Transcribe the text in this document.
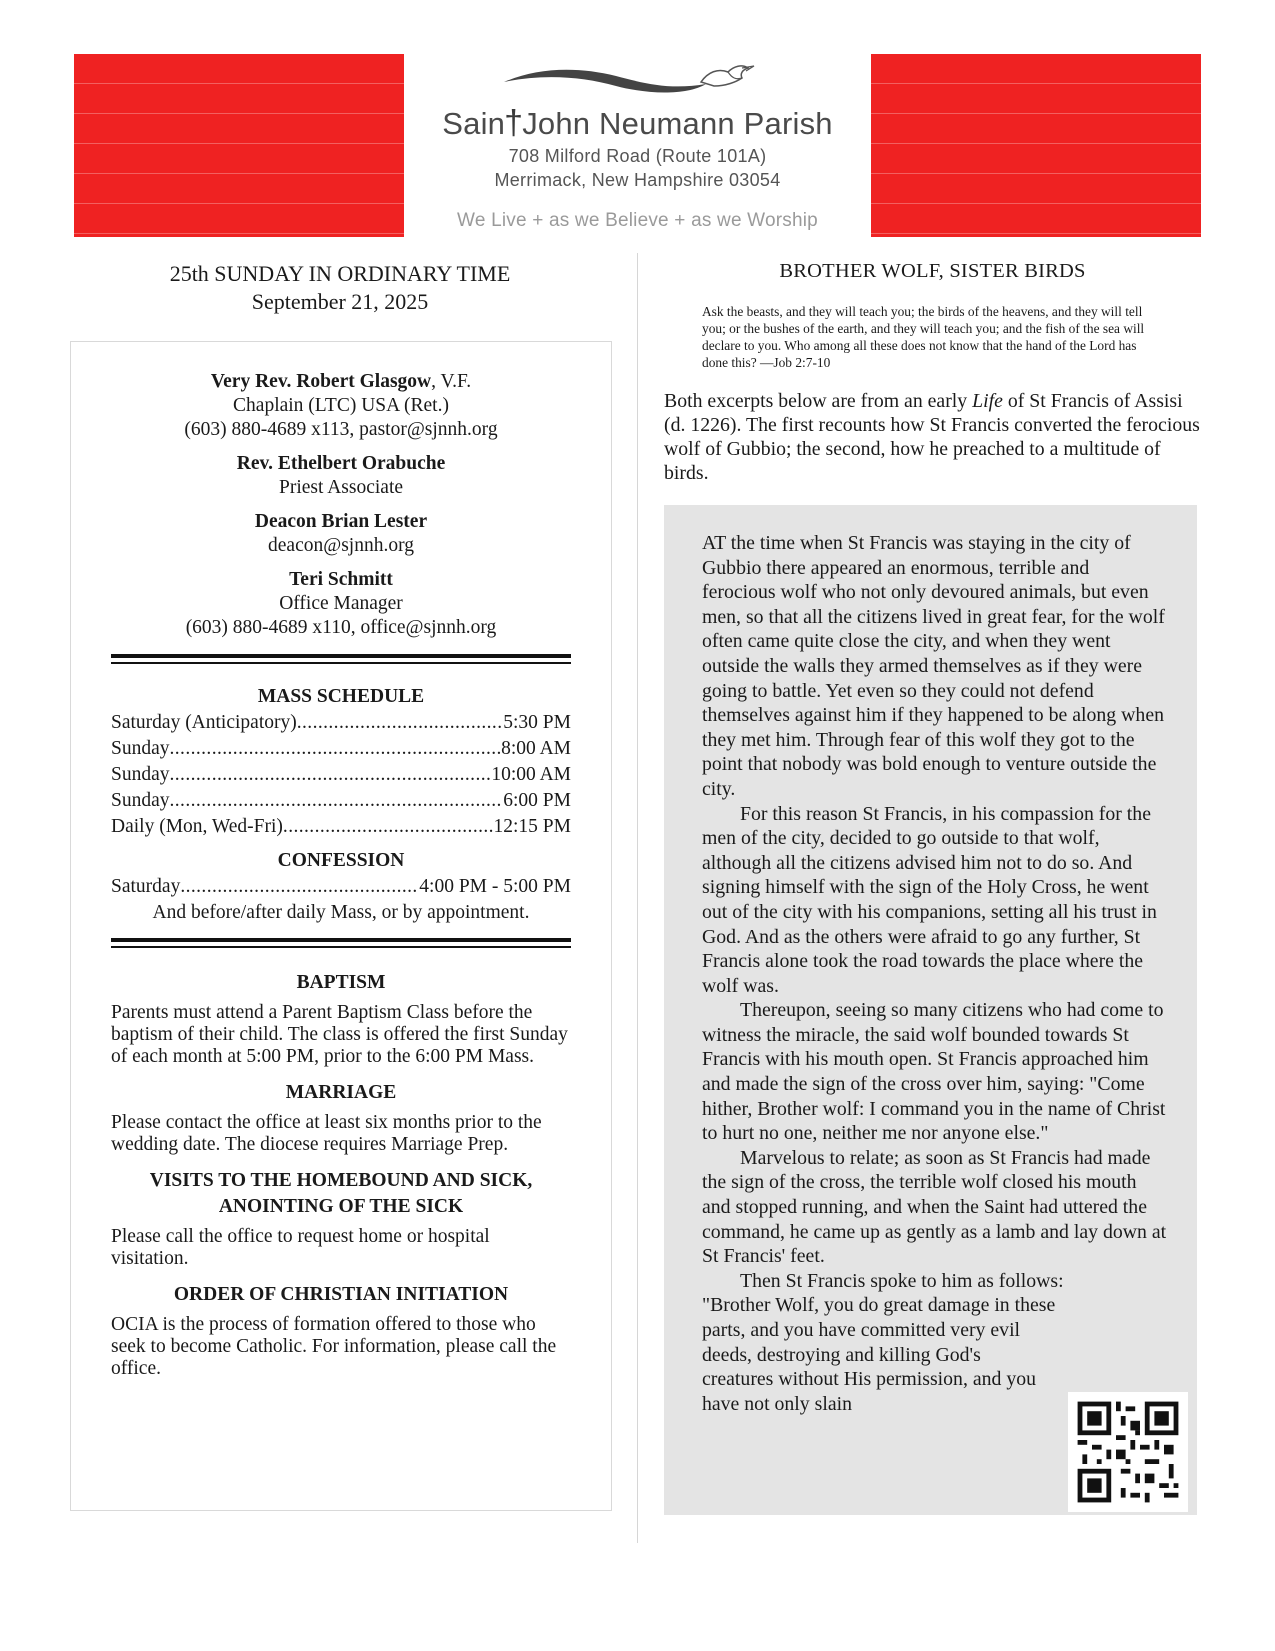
Sain†John Neumann Parish
708 Milford Road (Route 101A)
Merrimack, New Hampshire 03054
We Live + as we Believe + as we Worship
25th SUNDAY IN ORDINARY TIME
September 21, 2025
Very Rev. Robert Glasgow, V.F.
Chaplain (LTC) USA (Ret.)
(603) 880-4689 x113, pastor@sjnnh.org
Rev. Ethelbert Orabuche
Priest Associate
Deacon Brian Lester
deacon@sjnnh.org
Teri Schmitt
Office Manager
(603) 880-4689 x110, office@sjnnh.org
MASS SCHEDULE
Saturday (Anticipatory) .....	5:30 PM
Sunday .....	8:00 AM
Sunday .....	10:00 AM
Sunday .....	6:00 PM
Daily (Mon, Wed-Fri) .....	12:15 PM
CONFESSION
Saturday .....	4:00 PM - 5:00 PM
And before/after daily Mass, or by appointment.
BAPTISM

Parents must attend a Parent Baptism Class before the baptism of their child. The class is offered the first Sunday of each month at 5:00 PM, prior to the 6:00 PM Mass.

MARRIAGE

Please contact the office at least six months prior to the wedding date. The diocese requires Marriage Prep.

VISITS TO THE HOMEBOUND AND SICK,
ANOINTING OF THE SICK

Please call the office to request home or hospital visitation.

ORDER OF CHRISTIAN INITIATION

OCIA is the process of formation offered to those who seek to become Catholic. For information, please call the office.

BROTHER WOLF, SISTER BIRDS
Ask the beasts, and they will teach you; the birds of the heavens, and they will tell you; or the bushes of the earth, and they will teach you; and the fish of the sea will declare to you. Who among all these does not know that the hand of the Lord has done this? —Job 2:7-10
Both excerpts below are from an early Life of St Francis of Assisi (d. 1226). The first recounts how St Francis converted the ferocious wolf of Gubbio; the second, how he preached to a multitude of birds.

AT the time when St Francis was staying in the city of Gubbio there appeared an enormous, terrible and ferocious wolf who not only devoured animals, but even men, so that all the citizens lived in great fear, for the wolf often came quite close the city, and when they went outside the walls they armed themselves as if they were going to battle. Yet even so they could not defend themselves against him if they happened to be along when they met him. Through fear of this wolf they got to the point that nobody was bold enough to venture outside the city.

For this reason St Francis, in his compassion for the men of the city, decided to go outside to that wolf, although all the citizens advised him not to do so. And signing himself with the sign of the Holy Cross, he went out of the city with his companions, setting all his trust in God. And as the others were afraid to go any further, St Francis alone took the road towards the place where the wolf was.

Thereupon, seeing so many citizens who had come to witness the miracle, the said wolf bounded towards St Francis with his mouth open. St Francis approached him and made the sign of the cross over him, saying: "Come hither, Brother wolf: I command you in the name of Christ to hurt no one, neither me nor anyone else."

Marvelous to relate; as soon as St Francis had made the sign of the cross, the terrible wolf closed his mouth and stopped running, and when the Saint had uttered the command, he came up as gently as a lamb and lay down at St Francis' feet.

Then St Francis spoke to him as follows:

"Brother Wolf, you do great damage in these parts, and you have committed very evil deeds, destroying and killing God's creatures without His permission, and you have not only slain
